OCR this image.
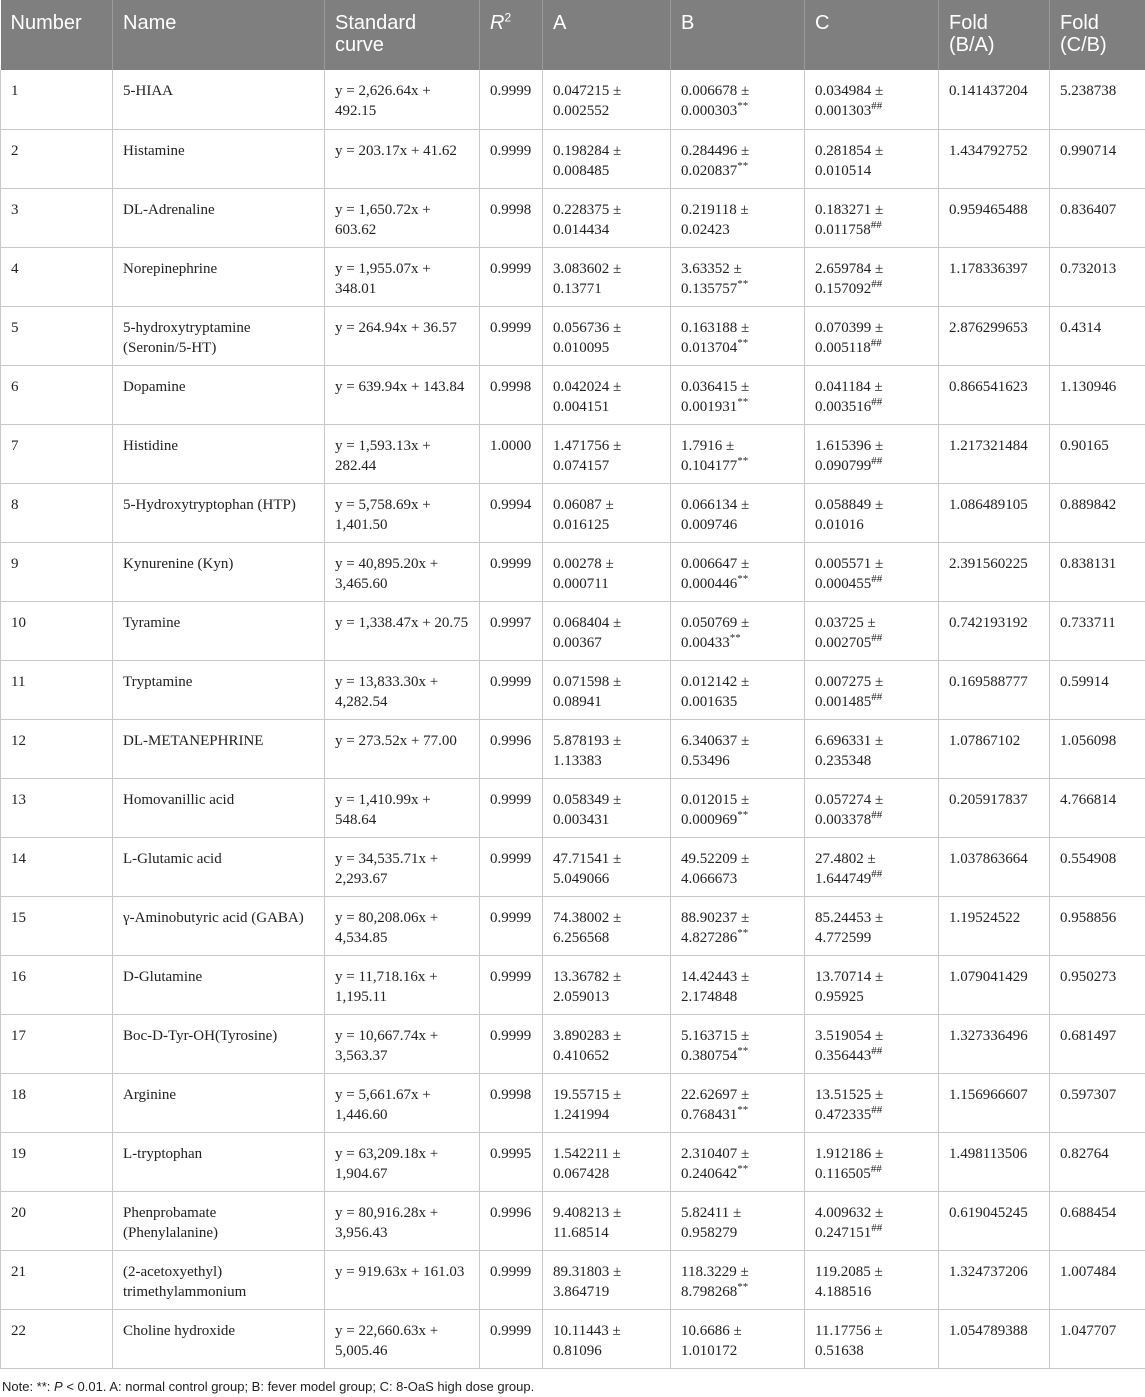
Number	Name	Standard curve	$R^2$	A	B	C	Fold (B/A)	Fold (C/B)
1	5-HIAA	y = 2,626.64x + 492.15	0.9999	0.047215 ± 0.002552	0.006678 ± 0.000303**	0.034984 ± 0.001303##	0.141437204	5.238738
2	Histamine	y = 203.17x + 41.62	0.9999	0.198284 ± 0.008485	0.284496 ± 0.020837**	0.281854 ± 0.010514	1.434792752	0.990714
3	DL-Adrenaline	y = 1,650.72x + 603.62	0.9998	0.228375 ± 0.014434	0.219118 ± 0.02423	0.183271 ± 0.011758##	0.959465488	0.836407
4	Norepinephrine	y = 1,955.07x + 348.01	0.9999	3.083602 ± 0.13771	3.63352 ± 0.135757**	2.659784 ± 0.157092##	1.178336397	0.732013
5	5-hydroxytryptamine (Seronin/5-HT)	y = 264.94x + 36.57	0.9999	0.056736 ± 0.010095	0.163188 ± 0.013704**	0.070399 ± 0.005118##	2.876299653	0.4314
6	Dopamine	y = 639.94x + 143.84	0.9998	0.042024 ± 0.004151	0.036415 ± 0.001931**	0.041184 ± 0.003516##	0.866541623	1.130946
7	Histidine	y = 1,593.13x + 282.44	1.0000	1.471756 ± 0.074157	1.7916 ± 0.104177**	1.615396 ± 0.090799##	1.217321484	0.90165
8	5-Hydroxytryptophan (HTP)	y = 5,758.69x + 1,401.50	0.9994	0.06087 ± 0.016125	0.066134 ± 0.009746	0.058849 ± 0.01016	1.086489105	0.889842
9	Kynurenine (Kyn)	y = 40,895.20x + 3,465.60	0.9999	0.00278 ± 0.000711	0.006647 ± 0.000446**	0.005571 ± 0.000455##	2.391560225	0.838131
10	Tyramine	y = 1,338.47x + 20.75	0.9997	0.068404 ± 0.00367	0.050769 ± 0.00433**	0.03725 ± 0.002705##	0.742193192	0.733711
11	Tryptamine	y = 13,833.30x + 4,282.54	0.9999	0.071598 ± 0.08941	0.012142 ± 0.001635	0.007275 ± 0.001485##	0.169588777	0.59914
12	DL-METANEPHRINE	y = 273.52x + 77.00	0.9996	5.878193 ± 1.13383	6.340637 ± 0.53496	6.696331 ± 0.235348	1.07867102	1.056098
13	Homovanillic acid	y = 1,410.99x + 548.64	0.9999	0.058349 ± 0.003431	0.012015 ± 0.000969**	0.057274 ± 0.003378##	0.205917837	4.766814
14	L-Glutamic acid	y = 34,535.71x + 2,293.67	0.9999	47.71541 ± 5.049066	49.52209 ± 4.066673	27.4802 ± 1.644749##	1.037863664	0.554908
15	γ-Aminobutyric acid (GABA)	y = 80,208.06x + 4,534.85	0.9999	74.38002 ± 6.256568	88.90237 ± 4.827286**	85.24453 ± 4.772599	1.19524522	0.958856
16	D-Glutamine	y = 11,718.16x + 1,195.11	0.9999	13.36782 ± 2.059013	14.42443 ± 2.174848	13.70714 ± 0.95925	1.079041429	0.950273
17	Boc-D-Tyr-OH(Tyrosine)	y = 10,667.74x + 3,563.37	0.9999	3.890283 ± 0.410652	5.163715 ± 0.380754**	3.519054 ± 0.356443##	1.327336496	0.681497
18	Arginine	y = 5,661.67x + 1,446.60	0.9998	19.55715 ± 1.241994	22.62697 ± 0.768431**	13.51525 ± 0.472335##	1.156966607	0.597307
19	L-tryptophan	y = 63,209.18x + 1,904.67	0.9995	1.542211 ± 0.067428	2.310407 ± 0.240642**	1.912186 ± 0.116505##	1.498113506	0.82764
20	Phenprobamate (Phenylalanine)	y = 80,916.28x + 3,956.43	0.9996	9.408213 ± 11.68514	5.82411 ± 0.958279	4.009632 ± 0.247151##	0.619045245	0.688454
21	(2-acetoxyethyl) trimethylammonium	y = 919.63x + 161.03	0.9999	89.31803 ± 3.864719	118.3229 ± 8.798268**	119.2085 ± 4.188516	1.324737206	1.007484
22	Choline hydroxide	y = 22,660.63x + 5,005.46	0.9999	10.11443 ± 0.81096	10.6686 ± 1.010172	11.17756 ± 0.51638	1.054789388	1.047707
Note: **: P < 0.01. A: normal control group; B: fever model group; C: 8-OaS high dose group.
